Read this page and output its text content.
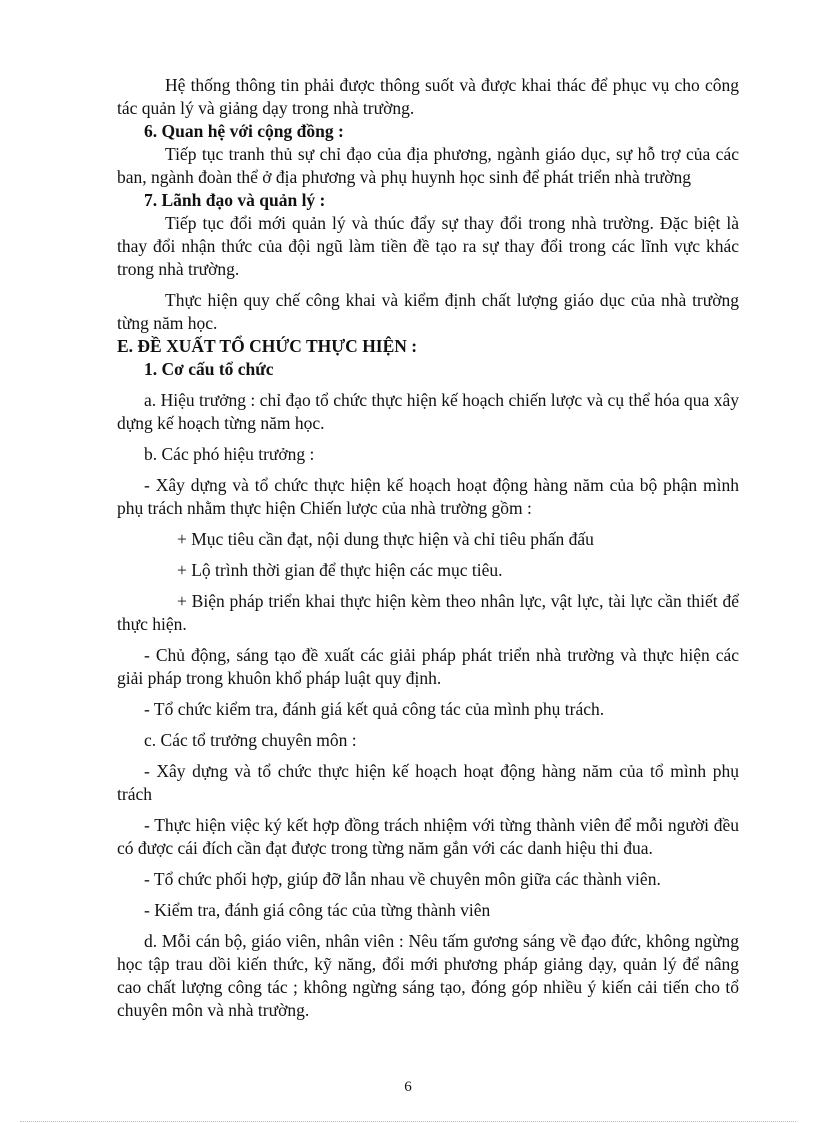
Hệ thống thông tin phải được thông suốt và được khai thác để phục vụ cho công tác quản lý và giảng dạy trong nhà trường.

6. Quan hệ với cộng đồng :

Tiếp tục tranh thủ sự chỉ đạo của địa phương, ngành giáo dục, sự hỗ trợ của các ban, ngành đoàn thể ở địa phương và phụ huynh học sinh để phát triển nhà trường

7. Lãnh đạo và quản lý :

Tiếp tục đổi mới quản lý và thúc đẩy sự thay đổi trong nhà trường. Đặc biệt là thay đổi nhận thức của đội ngũ làm tiền đề tạo ra sự thay đổi trong các lĩnh vực khác trong nhà trường.

Thực hiện quy chế công khai và kiểm định chất lượng giáo dục của nhà trường từng năm học.

E. ĐỀ XUẤT TỔ CHỨC THỰC HIỆN :

1. Cơ cấu tổ chức

a. Hiệu trưởng : chỉ đạo tổ chức thực hiện kế hoạch chiến lược và cụ thể hóa qua xây dựng kế hoạch từng năm học.

b. Các phó hiệu trưởng :

- Xây dựng và tổ chức thực hiện kế hoạch hoạt động hàng năm của bộ phận mình phụ trách nhằm thực hiện Chiến lược của nhà trường gồm :

+ Mục tiêu cần đạt, nội dung thực hiện và chỉ tiêu phấn đấu

+ Lộ trình thời gian để thực hiện các mục tiêu.

+ Biện pháp triển khai thực hiện kèm theo nhân lực, vật lực, tài lực cần thiết để thực hiện.

- Chủ động, sáng tạo đề xuất các giải pháp phát triển nhà trường và thực hiện các giải pháp trong khuôn khổ pháp luật quy định.

- Tổ chức kiểm tra, đánh giá kết quả công tác của mình phụ trách.

c. Các tổ trưởng chuyên môn :

- Xây dựng và tổ chức thực hiện kế hoạch hoạt động hàng năm của tổ mình phụ trách

- Thực hiện việc ký kết hợp đồng trách nhiệm với từng thành viên để mỗi người đều có được cái đích cần đạt được trong từng năm gắn với các danh hiệu thi đua.

- Tổ chức phối hợp, giúp đỡ lẫn nhau về chuyên môn giữa các thành viên.

- Kiểm tra, đánh giá công tác của từng thành viên

d. Mỗi cán bộ, giáo viên, nhân viên : Nêu tấm gương sáng về đạo đức, không ngừng học tập trau dồi kiến thức, kỹ năng, đổi mới phương pháp giảng dạy, quản lý để nâng cao chất lượng công tác ; không ngừng sáng tạo, đóng góp nhiều ý kiến cải tiến cho tổ chuyên môn và nhà trường.

6
